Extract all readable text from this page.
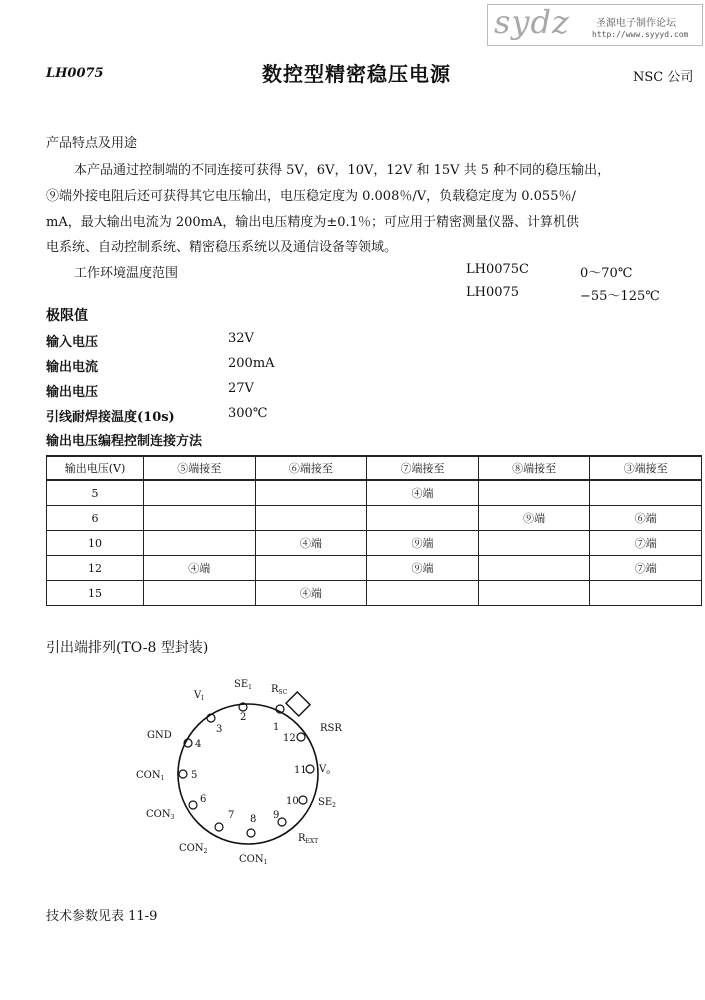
sydz	圣源电子制作论坛
http://www.syyyd.com
LH0075	数控型精密稳压电源	NSC 公司
产品特点及用途
本产品通过控制端的不同连接可获得 5V，6V，10V，12V 和 15V 共 5 种不同的稳压输出，
⑨端外接电阻后还可获得其它电压输出，电压稳定度为 0.008％/V，负载稳定度为 0.055％/
mA，最大输出电流为 200mA，输出电压精度为±0.1％；可应用于精密测量仪器、计算机供
电系统、自动控制系统、精密稳压系统以及通信设备等领域。
工作环境温度范围	LH0075C	0～70℃
LH0075	−55～125℃
极限值
输入电压	32V
输出电流	200mA
输出电压	27V
引线耐焊接温度(10s)	300℃
输出电压编程控制连接方法
输出电压(V)	⑤端接至	⑥端接至	⑦端接至	⑧端接至	③端接至
5			④端		
6				⑨端	⑥端
10		④端	⑨端		⑦端
12	④端		⑨端		⑦端
15		④端			
引出端排列(TO-8 型封装)
1
2
3
4
5
6
7 8 9
10
11
12
$V_I$
$SE_1$ $R_{SC}$
RSR
$V_o$
$SE_2$
$R_{EXT}$
GND
$CON_1$
$CON_3$
$CON_2$
$CON_1$
技术参数见表 11-9
